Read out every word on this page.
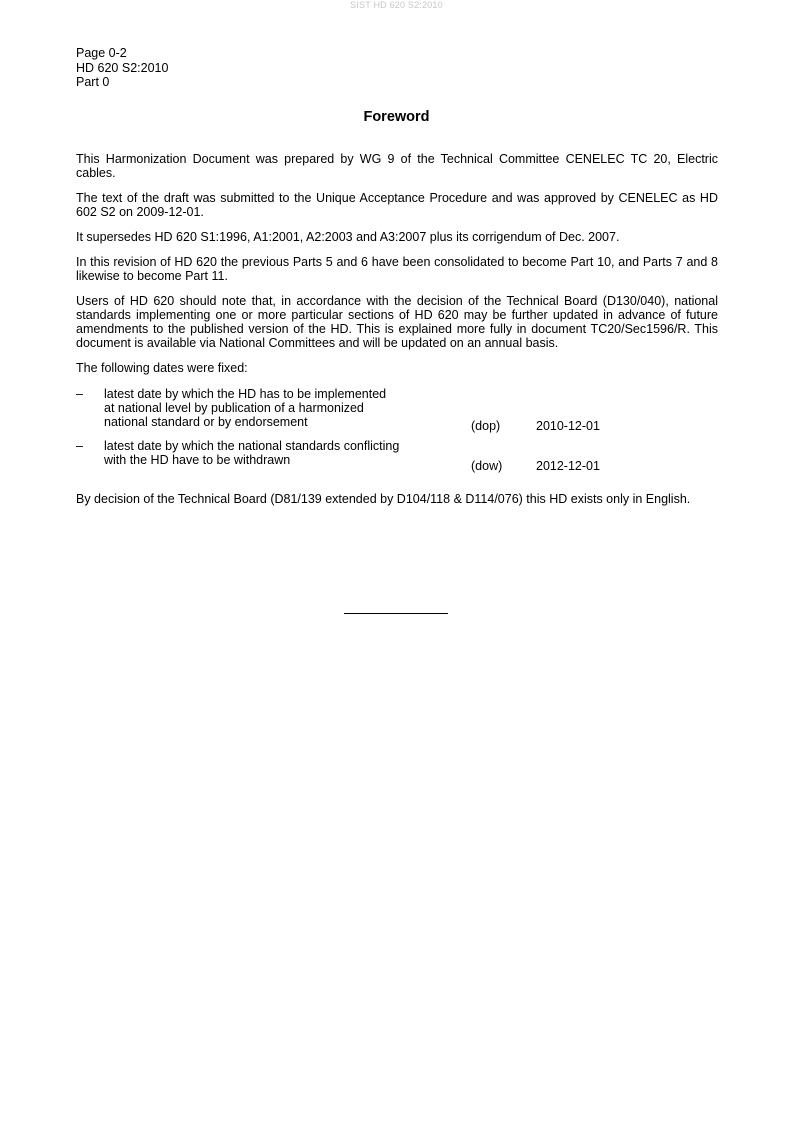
SIST HD 620 S2:2010
Page 0-2
HD 620 S2:2010
Part 0
Foreword

This Harmonization Document was prepared by WG 9 of the Technical Committee CENELEC TC 20, Electric cables.

The text of the draft was submitted to the Unique Acceptance Procedure and was approved by CENELEC as HD 602 S2 on 2009-12-01.

It supersedes HD 620 S1:1996, A1:2001, A2:2003 and A3:2007 plus its corrigendum of Dec. 2007.

In this revision of HD 620 the previous Parts 5 and 6 have been consolidated to become Part 10, and Parts 7 and 8 likewise to become Part 11.

Users of HD 620 should note that, in accordance with the decision of the Technical Board (D130/040), national standards implementing one or more particular sections of HD 620 may be further updated in advance of future amendments to the published version of the HD. This is explained more fully in document TC20/Sec1596/R. This document is available via National Committees and will be updated on an annual basis.

The following dates were fixed:

– latest date by which the HD has to be implemented
at national level by publication of a harmonized
national standard or by endorsement	(dop)	2010-12-01
– latest date by which the national standards conflicting
with the HD have to be withdrawn	(dow)	2012-12-01

By decision of the Technical Board (D81/139 extended by D104/118 & D114/076) this HD exists only in English.
